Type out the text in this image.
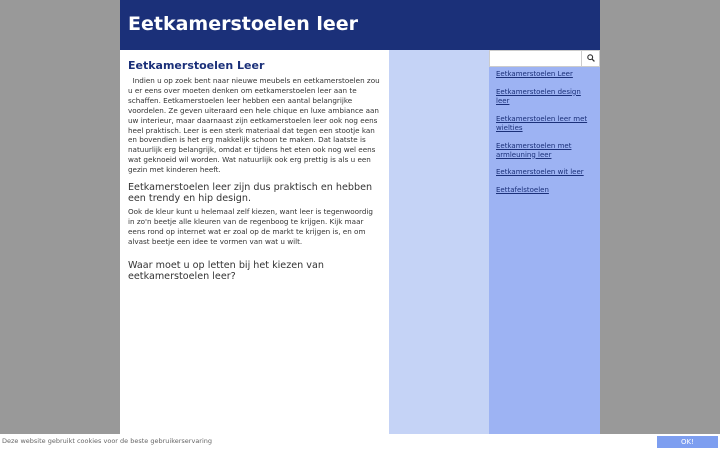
Eetkamerstoelen leer
Eetkamerstoelen Leer

Indien u op zoek bent naar nieuwe meubels en eetkamerstoelen zou u er eens over moeten denken om eetkamerstoelen leer aan te schaffen. Eetkamerstoelen leer hebben een aantal belangrijke voordelen. Ze geven uiteraard een hele chique en luxe ambiance aan uw interieur, maar daarnaast zijn eetkamerstoelen leer ook nog eens heel praktisch. Leer is een sterk materiaal dat tegen een stootje kan en bovendien is het erg makkelijk schoon te maken. Dat laatste is natuurlijk erg belangrijk, omdat er tijdens het eten ook nog wel eens wat geknoeid wil worden. Wat natuurlijk ook erg prettig is als u een gezin met kinderen heeft.

Eetkamerstoelen leer zijn dus praktisch en hebben een trendy en hip design.

Ook de kleur kunt u helemaal zelf kiezen, want leer is tegenwoordig in zo'n beetje alle kleuren van de regenboog te krijgen. Kijk maar eens rond op internet wat er zoal op de markt te krijgen is, en om alvast beetje een idee te vormen van wat u wilt.

Waar moet u op letten bij het kiezen van eetkamerstoelen leer?
Eetkamerstoelen Leer
Eetkamerstoelen design leer
Eetkamerstoelen leer met wielties
Eetkamerstoelen met armleuning leer
Eetkamerstoelen wit leer
Eettafelstoelen
Deze website gebruikt cookies voor de beste gebruikerservaring	OK!
